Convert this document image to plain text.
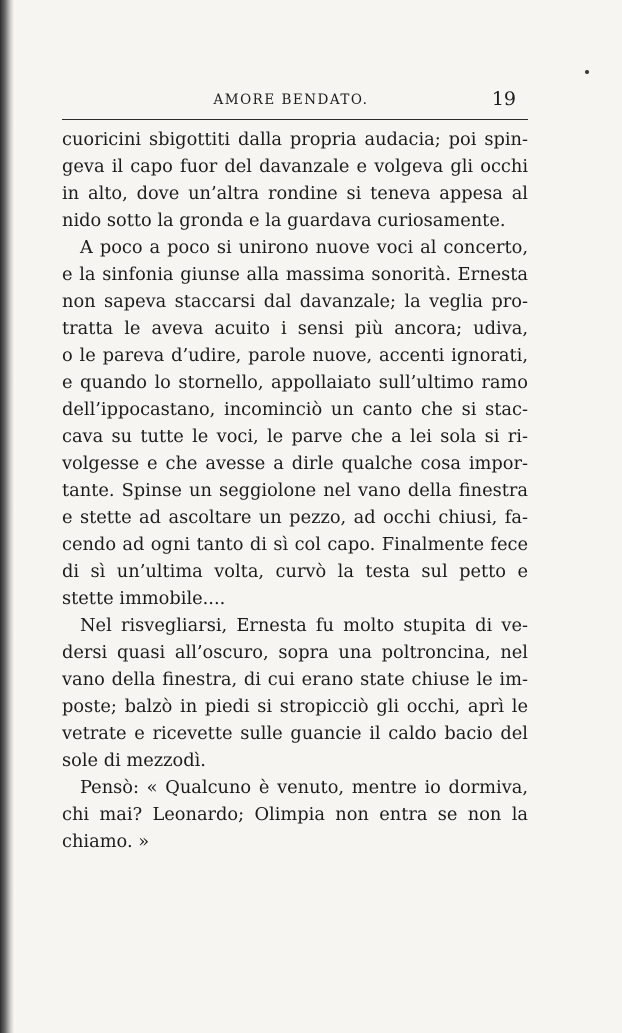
AMORE BENDATO.	19
cuoricini sbigottiti dalla propria audacia; poi spin-
geva il capo fuor del davanzale e volgeva gli occhi
in alto, dove un’altra rondine si teneva appesa al
nido sotto la gronda e la guardava curiosamente.
A poco a poco si unirono nuove voci al concerto,
e la sinfonia giunse alla massima sonorità. Ernesta
non sapeva staccarsi dal davanzale; la veglia pro-
tratta le aveva acuito i sensi più ancora; udiva,
o le pareva d’udire, parole nuove, accenti ignorati,
e quando lo stornello, appollaiato sull’ultimo ramo
dell’ippocastano, incominciò un canto che si stac-
cava su tutte le voci, le parve che a lei sola si ri-
volgesse e che avesse a dirle qualche cosa impor-
tante. Spinse un seggiolone nel vano della finestra
e stette ad ascoltare un pezzo, ad occhi chiusi, fa-
cendo ad ogni tanto di sì col capo. Finalmente fece
di sì un’ultima volta, curvò la testa sul petto e
stette immobile....
Nel risvegliarsi, Ernesta fu molto stupita di ve-
dersi quasi all’oscuro, sopra una poltroncina, nel
vano della finestra, di cui erano state chiuse le im-
poste; balzò in piedi si stropicciò gli occhi, aprì le
vetrate e ricevette sulle guancie il caldo bacio del
sole di mezzodì.
Pensò: « Qualcuno è venuto, mentre io dormiva,
chi mai? Leonardo; Olimpia non entra se non la
chiamo. »
